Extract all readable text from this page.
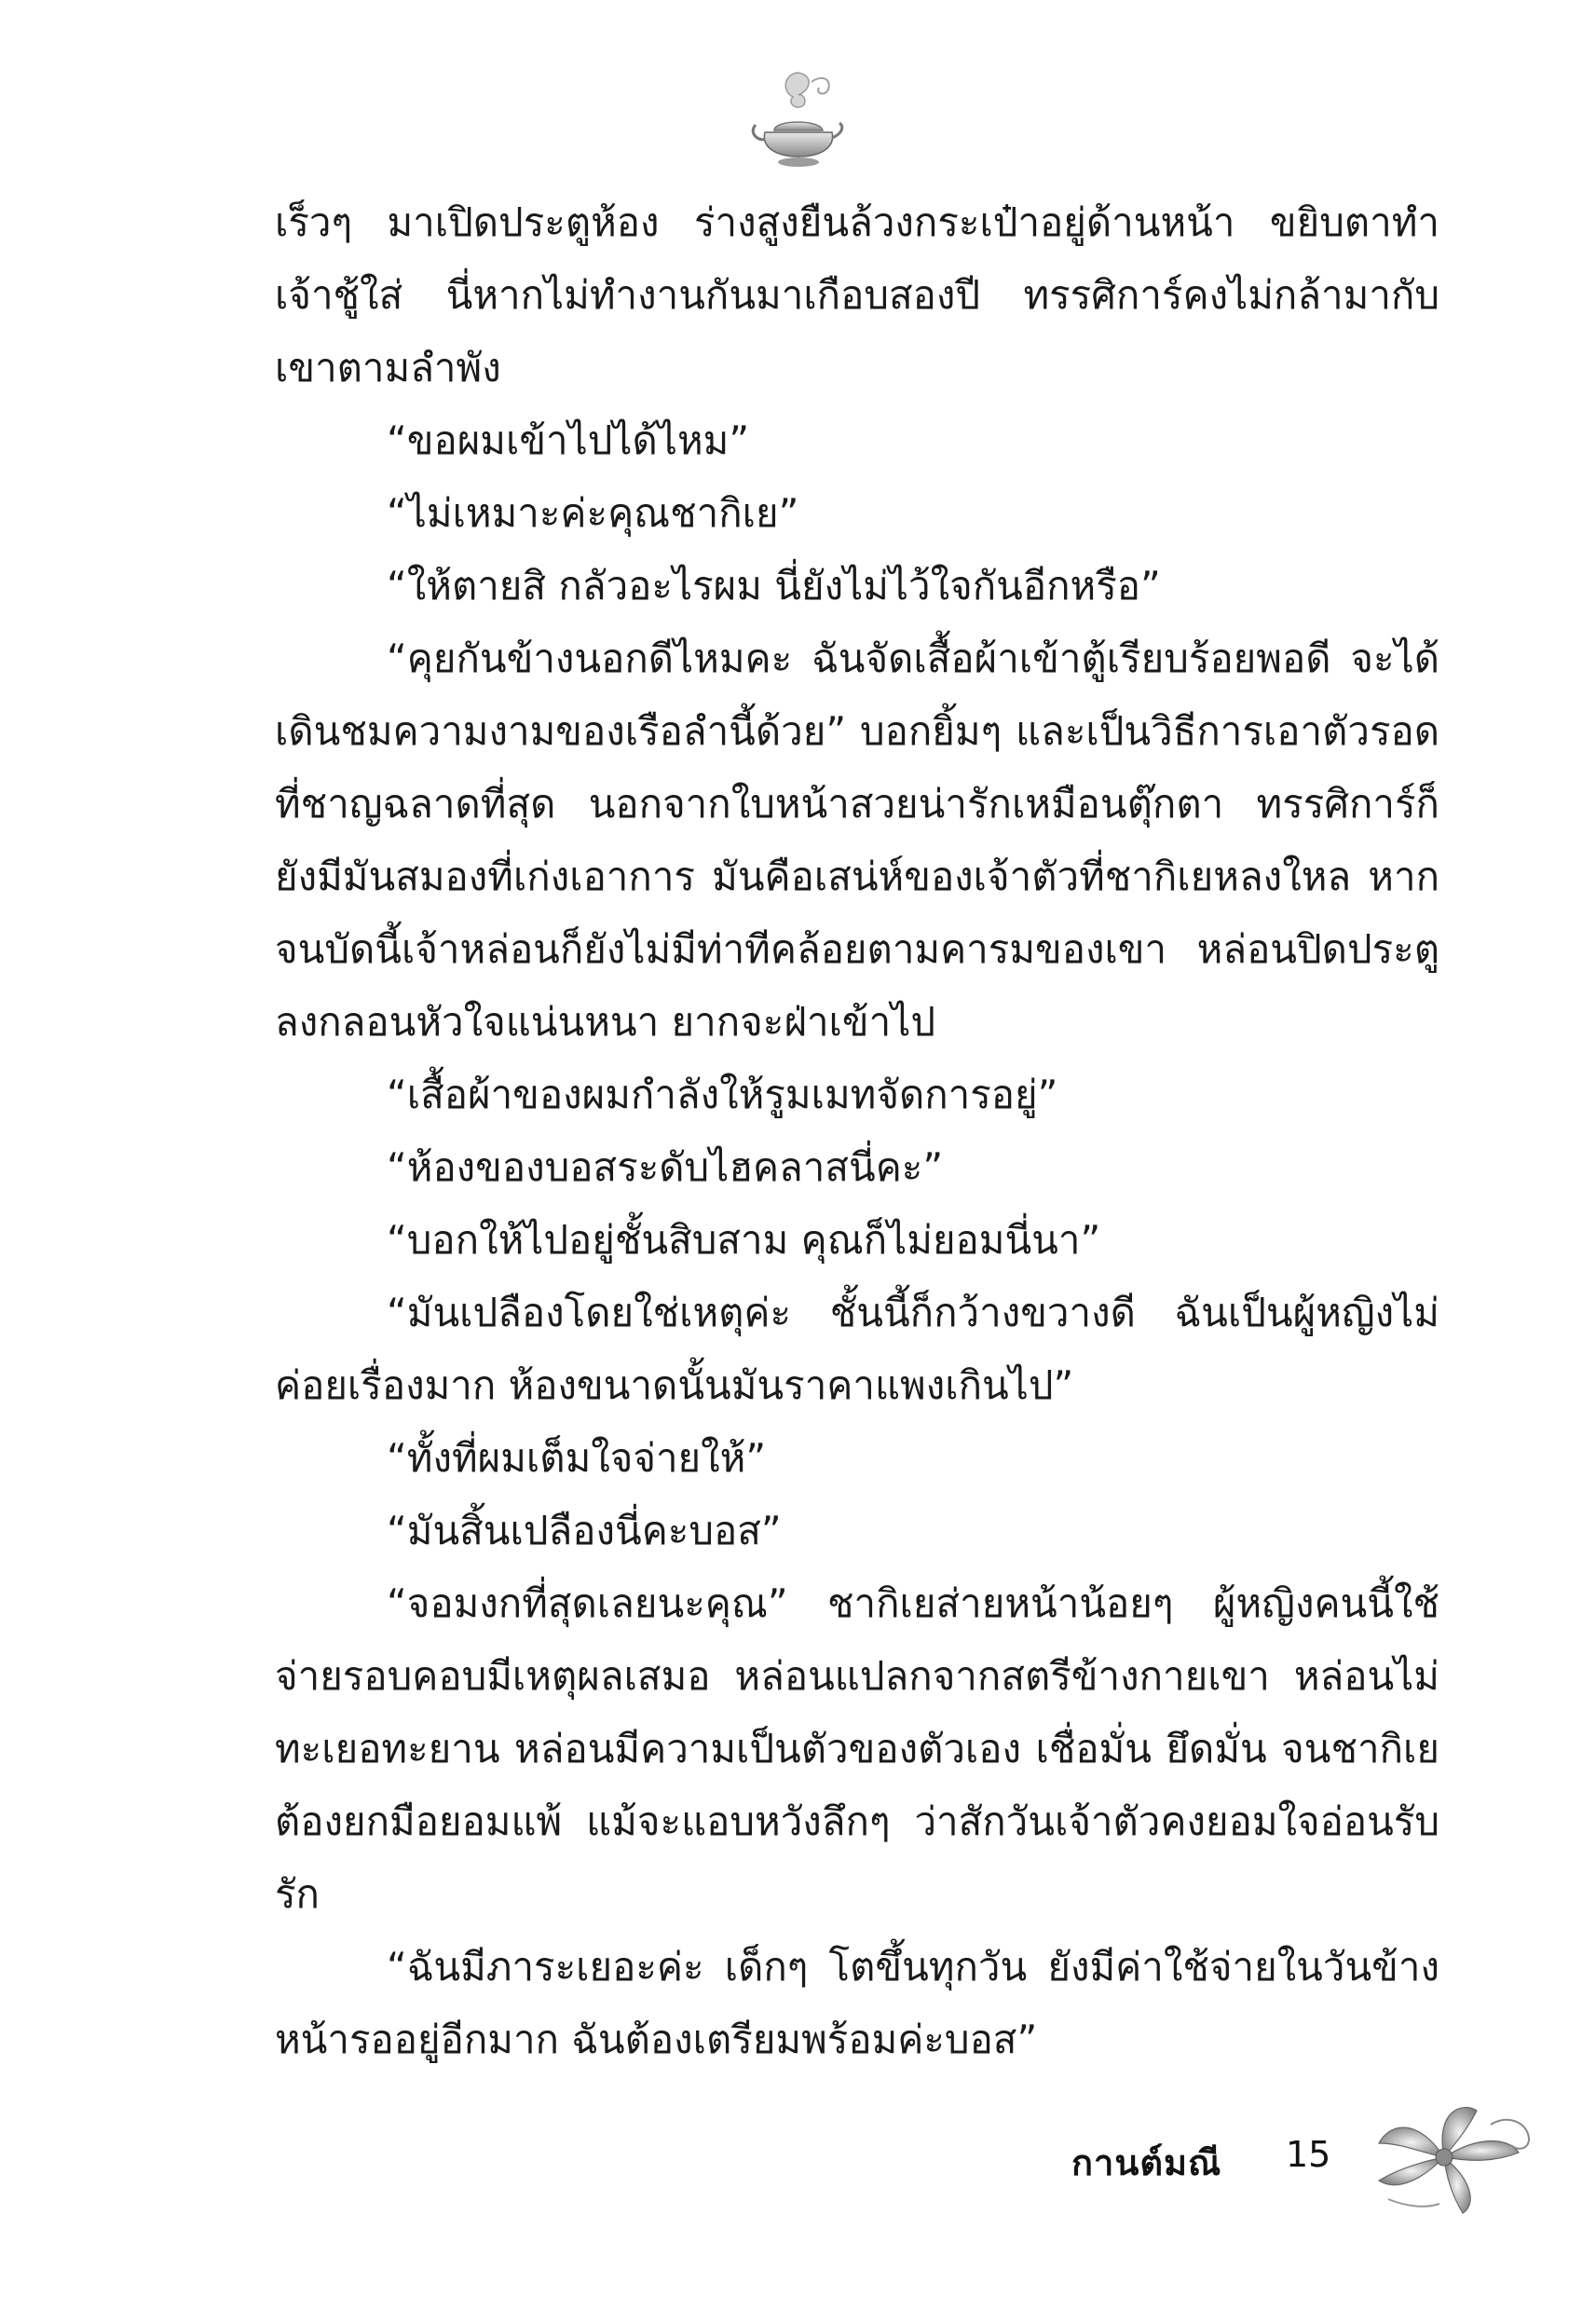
เร็วๆ มาเปิดประตูห้อง ร่างสูงยืนล้วงกระเป๋าอยู่ด้านหน้า ขยิบตาทำเจ้าชู้ใส่ นี่หากไม่ทำงานกันมาเกือบสองปี ทรรศิการ์คงไม่กล้ามากับเขาตามลำพัง

“ขอผมเข้าไปได้ไหม”

“ไม่เหมาะค่ะคุณชากิเย”

“ให้ตายสิ กลัวอะไรผม นี่ยังไม่ไว้ใจกันอีกหรือ”

“คุยกันข้างนอกดีไหมคะ ฉันจัดเสื้อผ้าเข้าตู้เรียบร้อยพอดี จะได้เดินชมความงามของเรือลำนี้ด้วย” บอกยิ้มๆ และเป็นวิธีการเอาตัวรอดที่ชาญฉลาดที่สุด นอกจากใบหน้าสวยน่ารักเหมือนตุ๊กตา ทรรศิการ์ก็ยังมีมันสมองที่เก่งเอาการ มันคือเสน่ห์ของเจ้าตัวที่ชากิเยหลงใหล หากจนบัดนี้เจ้าหล่อนก็ยังไม่มีท่าทีคล้อยตามคารมของเขา หล่อนปิดประตูลงกลอนหัวใจแน่นหนา ยากจะฝ่าเข้าไป

“เสื้อผ้าของผมกำลังให้รูมเมทจัดการอยู่”

“ห้องของบอสระดับไฮคลาสนี่คะ”

“บอกให้ไปอยู่ชั้นสิบสาม คุณก็ไม่ยอมนี่นา”

“มันเปลืองโดยใช่เหตุค่ะ ชั้นนี้ก็กว้างขวางดี ฉันเป็นผู้หญิงไม่ค่อยเรื่องมาก ห้องขนาดนั้นมันราคาแพงเกินไป”

“ทั้งที่ผมเต็มใจจ่ายให้”

“มันสิ้นเปลืองนี่คะบอส”

“จอมงกที่สุดเลยนะคุณ” ชากิเยส่ายหน้าน้อยๆ ผู้หญิงคนนี้ใช้จ่ายรอบคอบมีเหตุผลเสมอ หล่อนแปลกจากสตรีข้างกายเขา หล่อนไม่ทะเยอทะยาน หล่อนมีความเป็นตัวของตัวเอง เชื่อมั่น ยึดมั่น จนชากิเยต้องยกมือยอมแพ้ แม้จะแอบหวังลึกๆ ว่าสักวันเจ้าตัวคงยอมใจอ่อนรับรัก

“ฉันมีภาระเยอะค่ะ เด็กๆ โตขึ้นทุกวัน ยังมีค่าใช้จ่ายในวันข้างหน้ารออยู่อีกมาก ฉันต้องเตรียมพร้อมค่ะบอส”

กานต์มณี 15
